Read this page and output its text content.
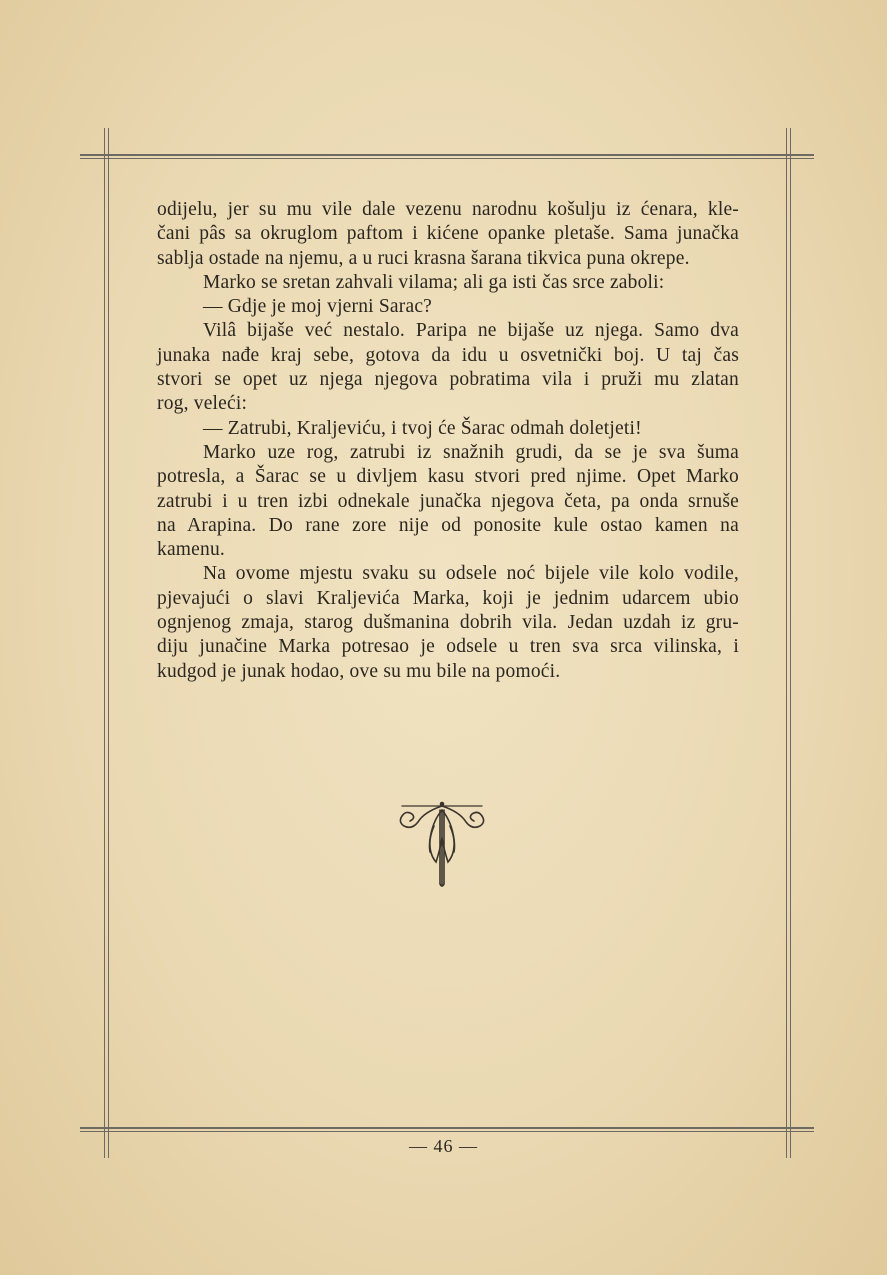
odijelu, jer su mu vile dale vezenu narodnu košulju iz ćenara, kle-

čani pâs sa okruglom paftom i kićene opanke pletaše. Sama junačka

sablja ostade na njemu, a u ruci krasna šarana tikvica puna okrepe.

Marko se sretan zahvali vilama; ali ga isti čas srce zaboli:

— Gdje je moj vjerni Sarac?

Vilâ bijaše već nestalo. Paripa ne bijaše uz njega. Samo dva

junaka nađe kraj sebe, gotova da idu u osvetnički boj. U taj čas

stvori se opet uz njega njegova pobratima vila i pruži mu zlatan

rog, veleći:

— Zatrubi, Kraljeviću, i tvoj će Šarac odmah doletjeti!

Marko uze rog, zatrubi iz snažnih grudi, da se je sva šuma

potresla, a Šarac se u divljem kasu stvori pred njime. Opet Marko

zatrubi i u tren izbi odnekale junačka njegova četa, pa onda srnuše

na Arapina. Do rane zore nije od ponosite kule ostao kamen na

kamenu.

Na ovome mjestu svaku su odsele noć bijele vile kolo vodile,

pjevajući o slavi Kraljevića Marka, koji je jednim udarcem ubio

ognjenog zmaja, starog dušmanina dobrih vila. Jedan uzdah iz gru-

diju junačine Marka potresao je odsele u tren sva srca vilinska, i

kudgod je junak hodao, ove su mu bile na pomoći.

— 46 —
